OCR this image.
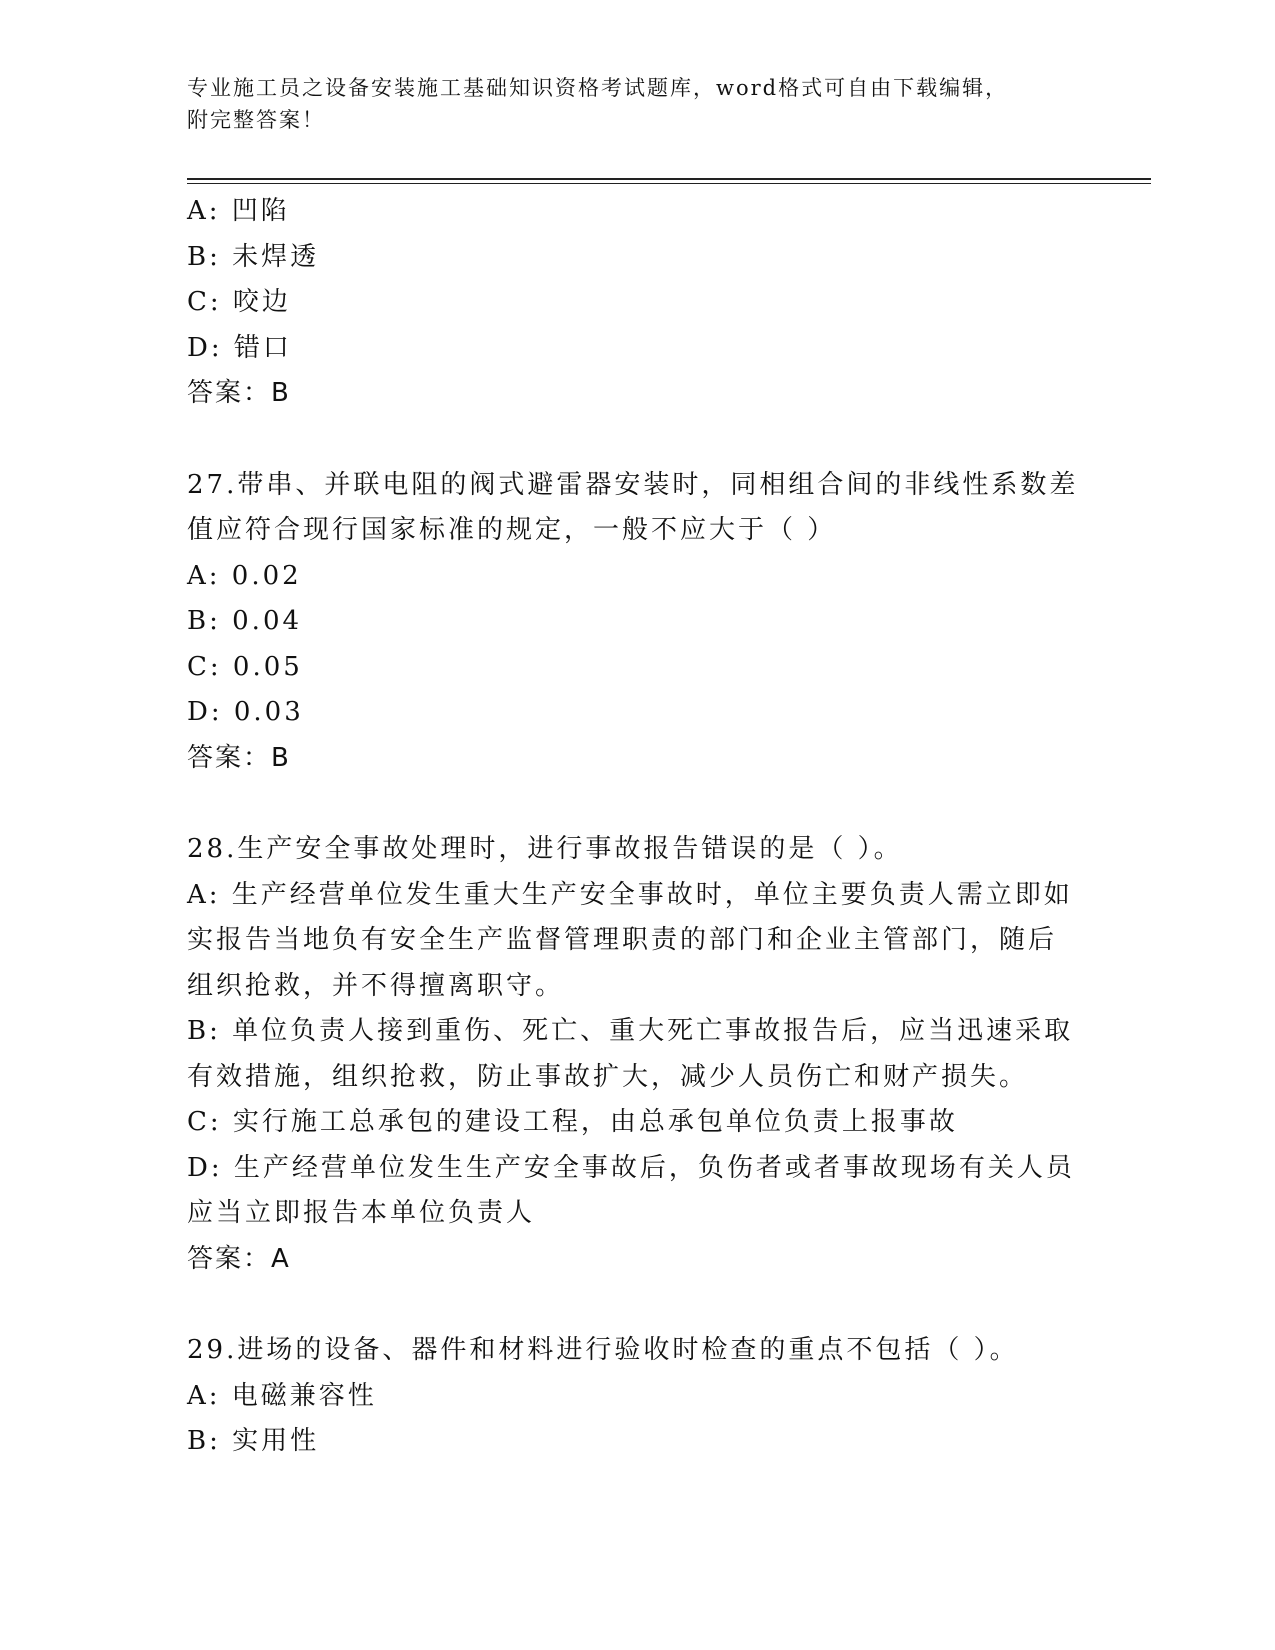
专业施工员之设备安装施工基础知识资格考试题库，word格式可自由下载编辑，
附完整答案！
A: 凹陷
B: 未焊透
C: 咬边
D: 错口
答案：B
27.带串、并联电阻的阀式避雷器安装时，同相组合间的非线性系数差
值应符合现行国家标准的规定，一般不应大于（ ）
A: 0.02
B: 0.04
C: 0.05
D: 0.03
答案：B
28.生产安全事故处理时，进行事故报告错误的是（ ）。
A: 生产经营单位发生重大生产安全事故时，单位主要负责人需立即如
实报告当地负有安全生产监督管理职责的部门和企业主管部门，随后
组织抢救，并不得擅离职守。
B: 单位负责人接到重伤、死亡、重大死亡事故报告后，应当迅速采取
有效措施，组织抢救，防止事故扩大，减少人员伤亡和财产损失。
C: 实行施工总承包的建设工程，由总承包单位负责上报事故
D: 生产经营单位发生生产安全事故后，负伤者或者事故现场有关人员
应当立即报告本单位负责人
答案：A
29.进场的设备、器件和材料进行验收时检查的重点不包括（ ）。
A: 电磁兼容性
B: 实用性
